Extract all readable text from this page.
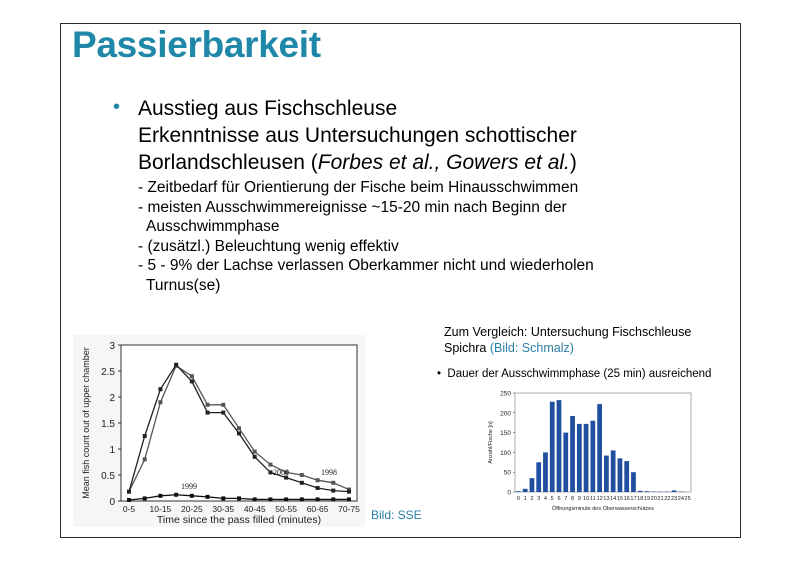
Passierbarkeit
• Ausstieg aus Fischschleuse
Erkenntnisse aus Untersuchungen schottischer
Borlandschleusen (Forbes et al., Gowers et al.)
- Zeitbedarf für Orientierung der Fische beim Hinausschwimmen
- meisten Ausschwimmereignisse ~15-20 min nach Beginn der
Ausschwimmphase
- (zusätzl.) Beleuchtung wenig effektiv
- 5 - 9% der Lachse verlassen Oberkammer nicht und wiederholen
Turnus(se)
0
0.5
1
1.5
2
2.5
3
0-5 10-15 20-25 30-35 40-45 50-55 60-65 70-75
Time since the pass filled (minutes)
Mean fish count out of upper chamber	1998
2000
1999
Bild: SSE
Zum Vergleich: Untersuchung Fischschleuse
Spichra (Bild: Schmalz)
•  Dauer der Ausschwimmphase (25 min) ausreichend
0
50
100
150
200
250
0 1 2 3 4 5 6 7 8 9 10 11 12 13 14 15 16 17 18 19 20 21 22 23 24 25
Öffnungsminute des Oberwasserschützes
Anzahl/Fische [n]
